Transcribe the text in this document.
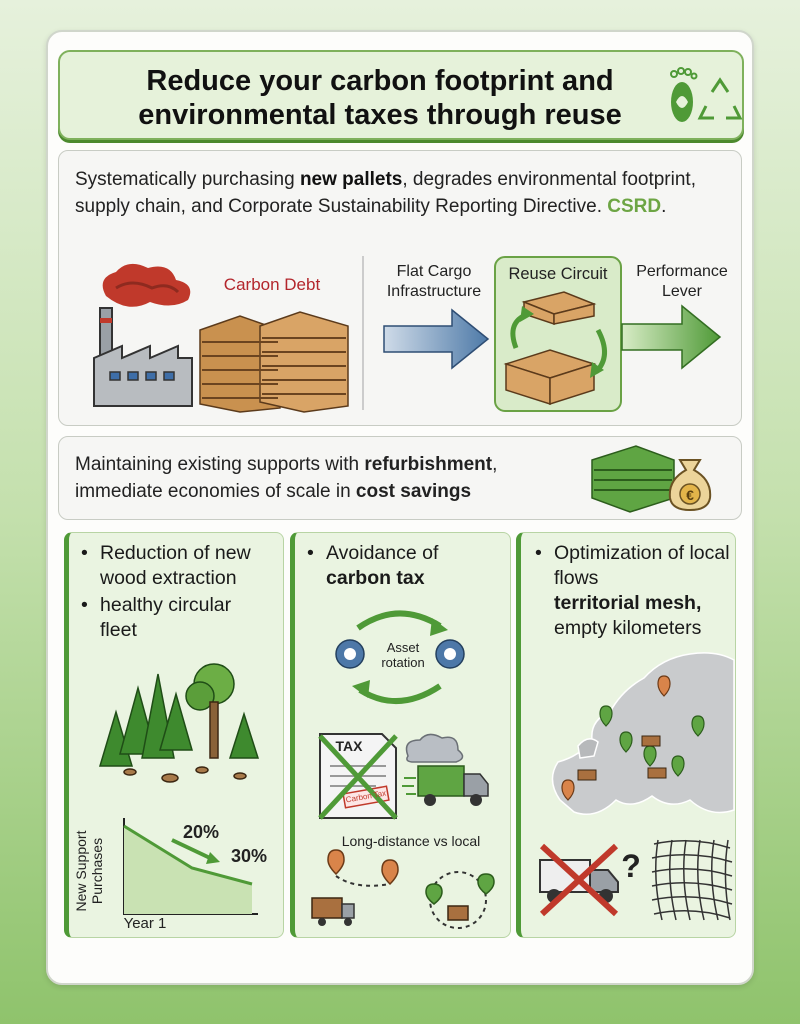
Reduce your carbon footprint and environmental taxes through reuse

Systematically purchasing new pallets, degrades environmental footprint, supply chain, and Corporate Sustainability Reporting Directive. CSRD.

Carbon Debt
Flat Cargo Infrastructure
Reuse Circuit	Performance Lever

Maintaining existing supports with refurbishment,
immediate economies of scale in cost savings	€
• Reduction of new wood extraction
• healthy circular fleet
20%
30%
New Support Purchases
Year 1
• Avoidance of
carbon tax
Asset rotation
TAX
Carbon Tax
Long-distance vs local
• Optimization of local flows
territorial mesh,
empty kilometers
?
